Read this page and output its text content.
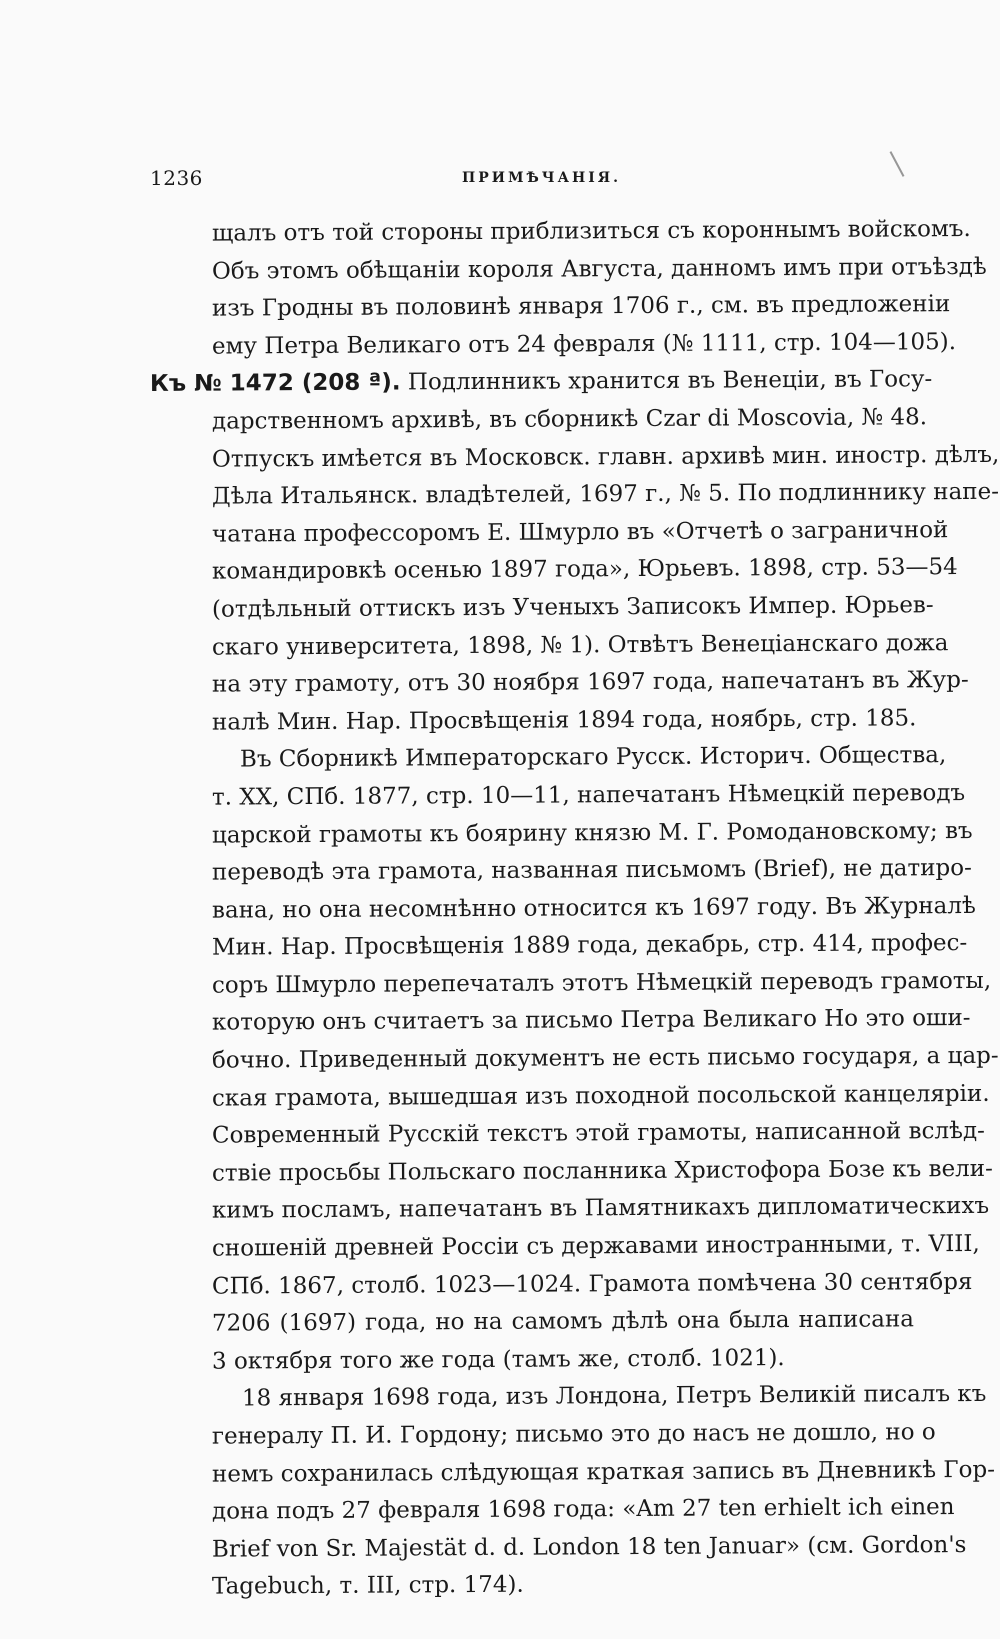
1236	ПРИМѢЧАНІЯ.
щалъ отъ той стороны приблизиться съ короннымъ войскомъ.
Объ этомъ обѣщаніи короля Августа, данномъ имъ при отъѣздѣ
изъ Гродны въ половинѣ января 1706 г., см. въ предложеніи
ему Петра Великаго отъ 24 февраля (№ 1111, стр. 104—105).
Къ № 1472 (208 ª). Подлинникъ хранится въ Венеціи, въ Госу-
дарственномъ архивѣ, въ сборникѣ Czar di Moscovia, № 48.
Отпускъ имѣется въ Московск. главн. архивѣ мин. иностр. дѣлъ,
Дѣла Итальянск. владѣтелей, 1697 г., № 5. По подлиннику напе-
чатана профессоромъ Е. Шмурло въ «Отчетѣ о заграничной
командировкѣ осенью 1897 года», Юрьевъ. 1898, стр. 53—54
(отдѣльный оттискъ изъ Ученыхъ Записокъ Импер. Юрьев-
скаго университета, 1898, № 1). Отвѣтъ Венеціанскаго дожа
на эту грамоту, отъ 30 ноября 1697 года, напечатанъ въ Жур-
налѣ Мин. Нар. Просвѣщенія 1894 года, ноябрь, стр. 185.
Въ Сборникѣ Императорскаго Русск. Историч. Общества,
т. XX, СПб. 1877, стр. 10—11, напечатанъ Нѣмецкій переводъ
царской грамоты къ боярину князю М. Г. Ромодановскому; въ
переводѣ эта грамота, названная письмомъ (Brief), не датиро-
вана, но она несомнѣнно относится къ 1697 году. Въ Журналѣ
Мин. Нар. Просвѣщенія 1889 года, декабрь, стр. 414, профес-
соръ Шмурло перепечаталъ этотъ Нѣмецкій переводъ грамоты,
которую онъ считаетъ за письмо Петра Великаго Но это оши-
бочно. Приведенный документъ не есть письмо государя, а цар-
ская грамота, вышедшая изъ походной посольской канцеляріи.
Современный Русскій текстъ этой грамоты, написанной вслѣд-
ствіе просьбы Польскаго посланника Христофора Бозе къ вели-
кимъ посламъ, напечатанъ въ Памятникахъ дипломатическихъ
сношеній древней Россіи съ державами иностранными, т. VIII,
СПб. 1867, столб. 1023—1024. Грамота помѣчена 30 сентября
7206 (1697) года, но на самомъ дѣлѣ она была написана
3 октября того же года (тамъ же, столб. 1021).
18 января 1698 года, изъ Лондона, Петръ Великій писалъ къ
генералу П. И. Гордону; письмо это до насъ не дошло, но о
немъ сохранилась слѣдующая краткая запись въ Дневникѣ Гор-
дона подъ 27 февраля 1698 года: «Am 27 ten erhielt ich einen
Brief von Sr. Majestät d. d. London 18 ten Januar» (см. Gordon's
Tagebuch, т. III, стр. 174).
